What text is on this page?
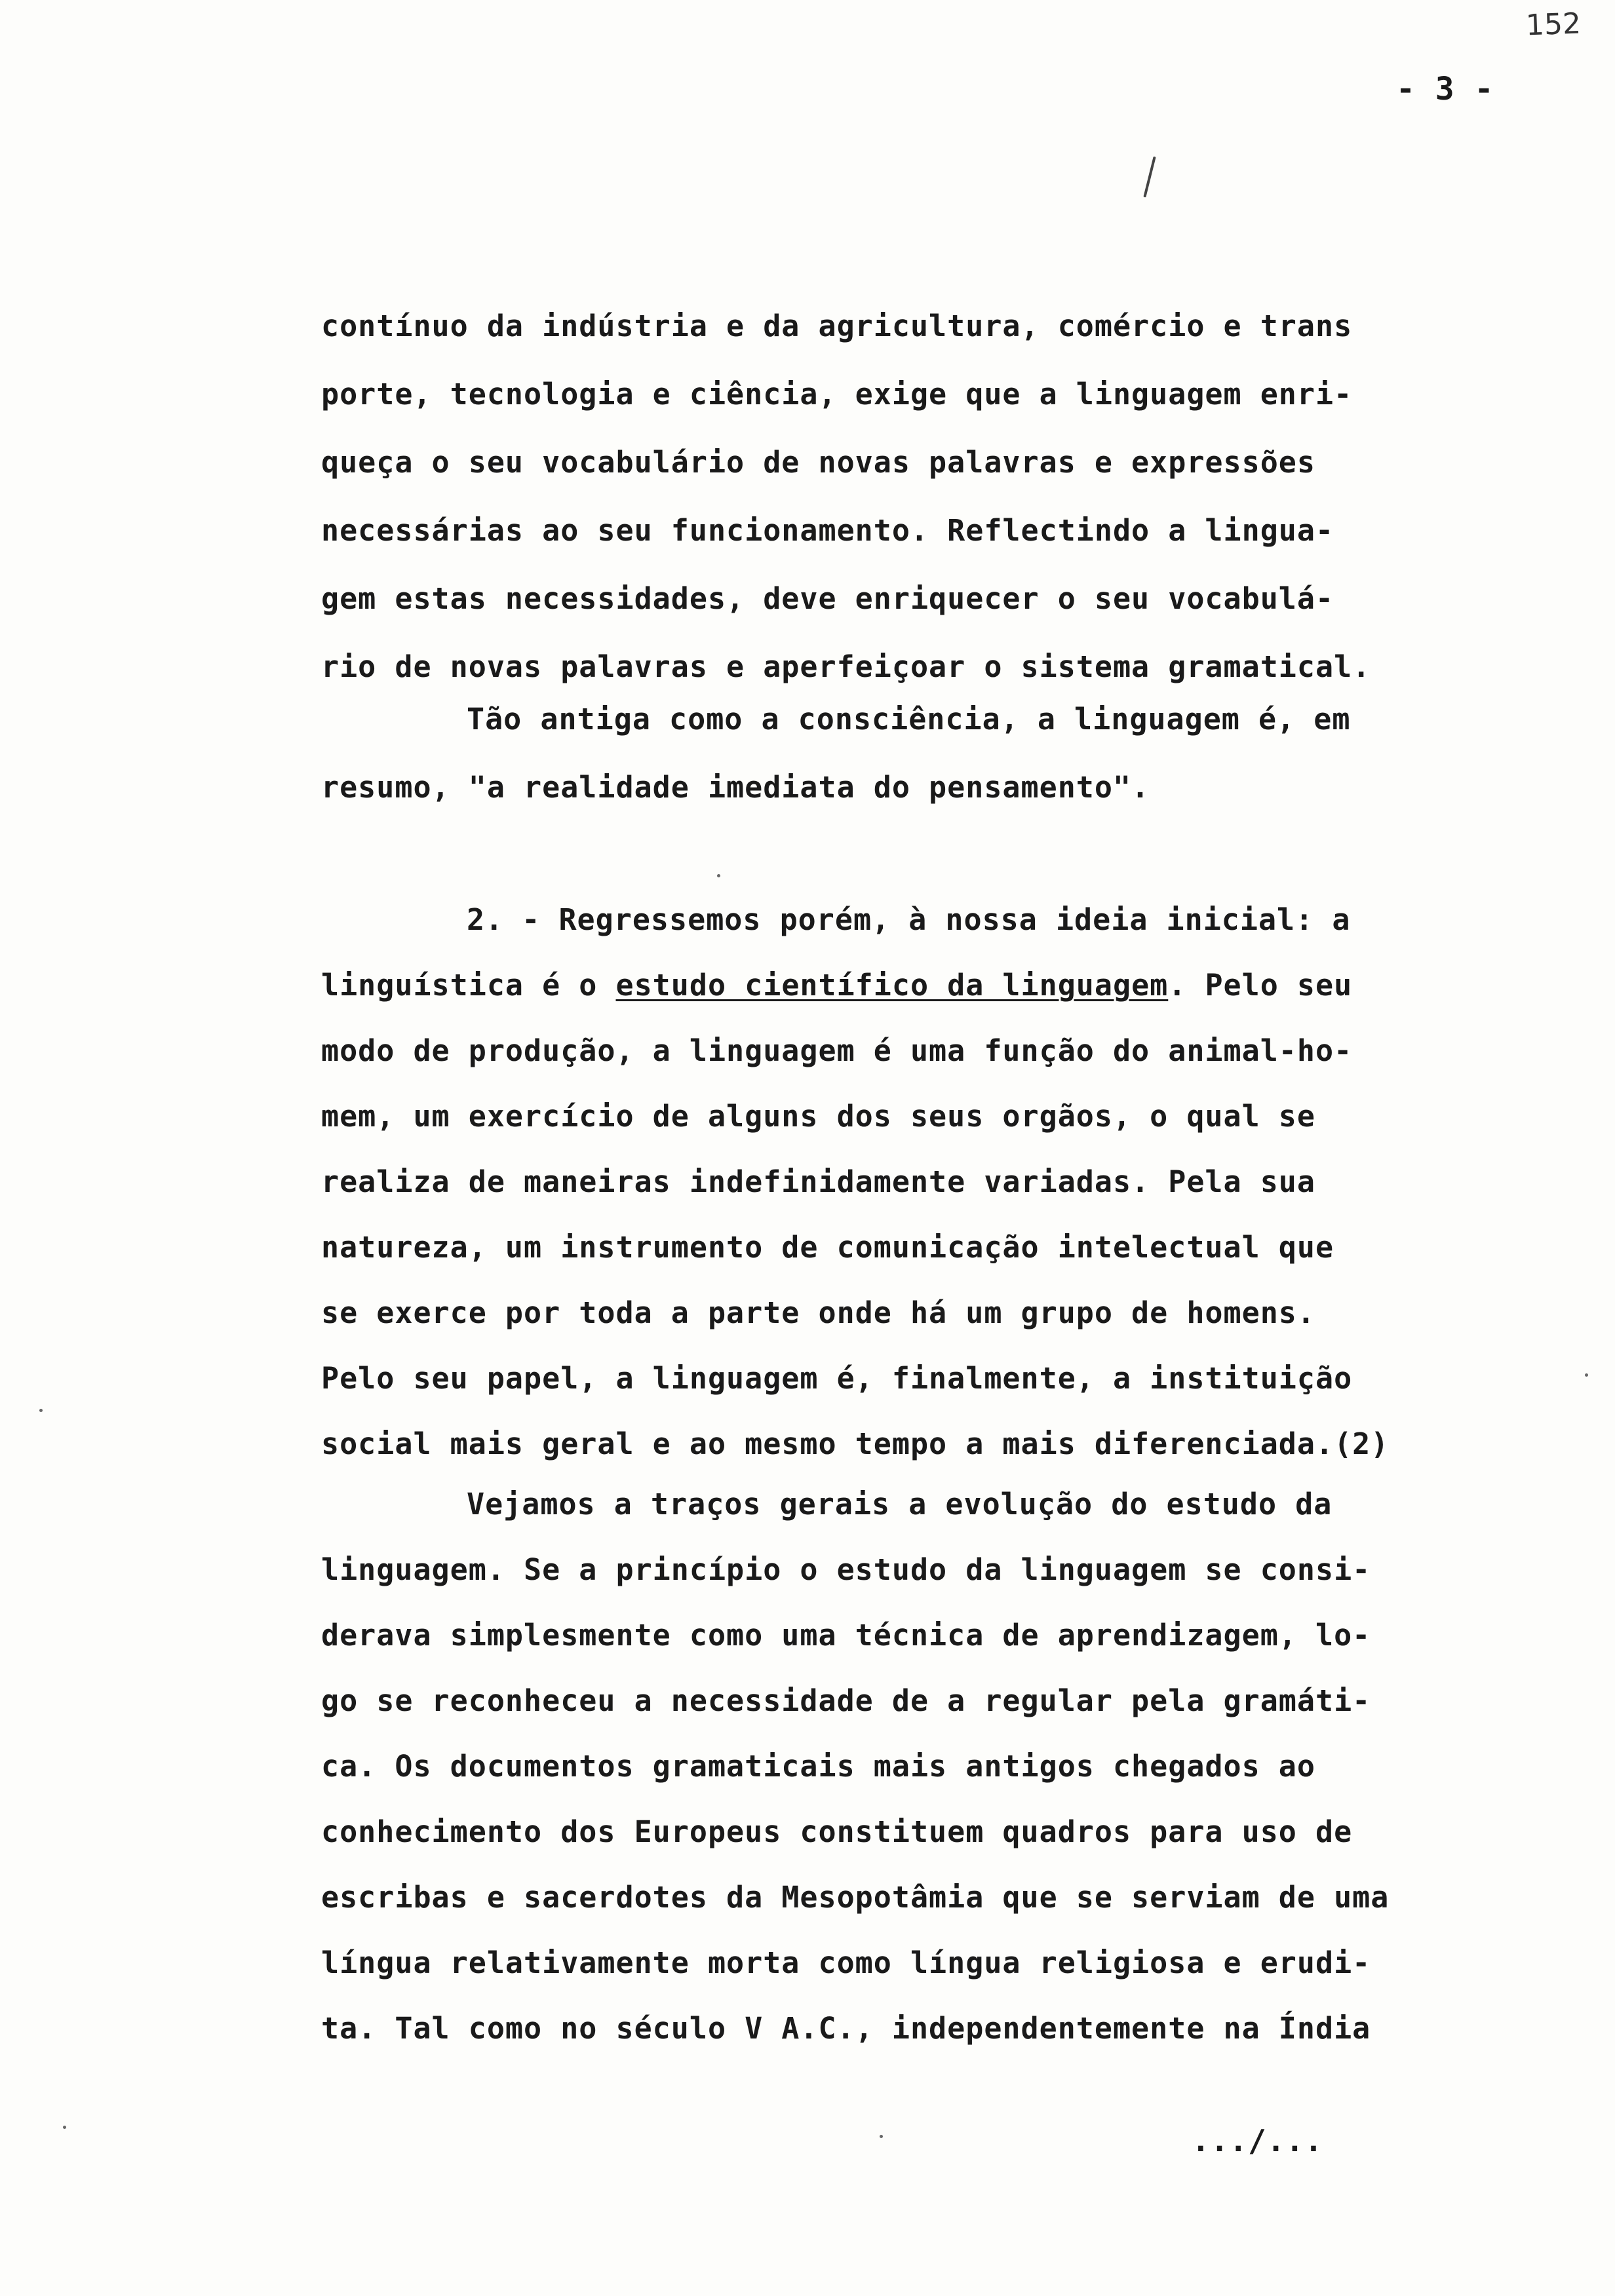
152
- 3 -
contínuo da indústria e da agricultura, comércio e trans
porte, tecnologia e ciência, exige que a linguagem enri-
queça o seu vocabulário de novas palavras e expressões
necessárias ao seu funcionamento. Reflectindo a lingua-
gem estas necessidades, deve enriquecer o seu vocabulá-
rio de novas palavras e aperfeiçoar o sistema gramatical.
Tão antiga como a consciência, a linguagem é, em
resumo, "a realidade imediata do pensamento".
2. - Regressemos porém, à nossa ideia inicial: a
linguística é o estudo científico da linguagem. Pelo seu
modo de produção, a linguagem é uma função do animal-ho-
mem, um exercício de alguns dos seus orgãos, o qual se
realiza de maneiras indefinidamente variadas. Pela sua
natureza, um instrumento de comunicação intelectual que
se exerce por toda a parte onde há um grupo de homens.
Pelo seu papel, a linguagem é, finalmente, a instituição
social mais geral e ao mesmo tempo a mais diferenciada.(2)
Vejamos a traços gerais a evolução do estudo da
linguagem. Se a princípio o estudo da linguagem se consi-
derava simplesmente como uma técnica de aprendizagem, lo-
go se reconheceu a necessidade de a regular pela gramáti-
ca. Os documentos gramaticais mais antigos chegados ao
conhecimento dos Europeus constituem quadros para uso de
escribas e sacerdotes da Mesopotâmia que se serviam de uma
língua relativamente morta como língua religiosa e erudi-
ta. Tal como no século V A.C., independentemente na Índia
.../...
